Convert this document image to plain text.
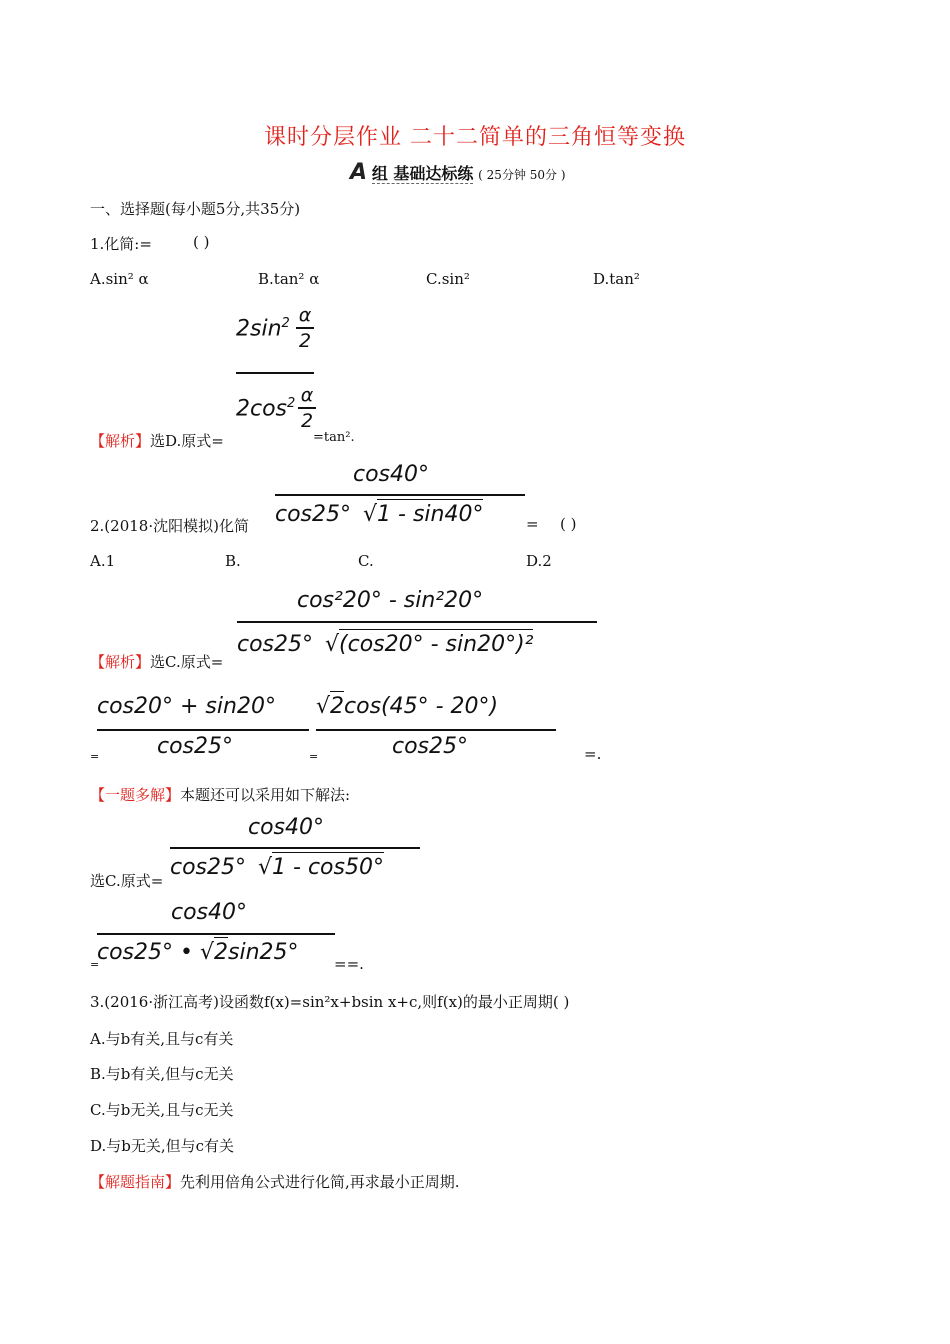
课时分层作业 二十二简单的三角恒等变换
A 组 基础达标练 ( 25分钟 50分 )
一、选择题(每小题5分,共35分)
1.化简:=	( )
A.sin² α	B.tan² α	C.sin²	D.tan²
$2\sin^2$ α
2
$2\cos^2$ α
2
【解析】选D.原式=	=tan².
cos40°
cos25° √1 - sin40°
2.(2018·沈阳模拟)化简	= ( )
A.1	B.	C.	D.2
cos²20° - sin²20°
cos25° √(cos20° - sin20°)²
【解析】选C.原式=
cos20° + sin20°
cos25°
=
√2cos(45° - 20°)
cos25°
=	=.
【一题多解】本题还可以采用如下解法:
cos40°
cos25° √1 - cos50°
选C.原式=
cos40°
cos25° • √2sin25°
=	==.
3.(2016·浙江高考)设函数f(x)=sin²x+bsin x+c,则f(x)的最小正周期( )
A.与b有关,且与c有关
B.与b有关,但与c无关
C.与b无关,且与c无关
D.与b无关,但与c有关
【解题指南】先利用倍角公式进行化简,再求最小正周期.
